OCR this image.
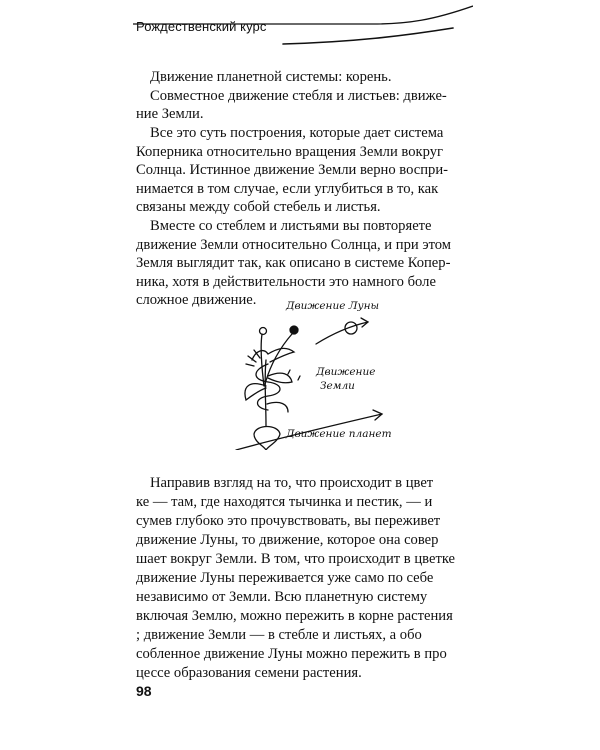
Рождественский курс
Движение планетной системы: корень.
Совместное движение стебля и листьев: движе-
ние Земли.
Все это суть построения, которые дает система
Коперника относительно вращения Земли вокруг
Солнца. Истинное движение Земли верно воспри-
нимается в том случае, если углубиться в то, как
связаны между собой стебель и листья.
Вместе со стеблем и листьями вы повторяете
движение Земли относительно Солнца, и при этом
Земля выглядит так, как описано в системе Копер-
ника, хотя в действительности это намного боле
сложное движение.	Движение Луны
Движение
Земли
Движение планет
Направив взгляд на то, что происходит в цвет
ке — там, где находятся тычинка и пестик, — и
сумев глубоко это прочувствовать, вы переживет
движение Луны, то движение, которое она совер
шает вокруг Земли. В том, что происходит в цветке
движение Луны переживается уже само по себе
независимо от Земли. Всю планетную систему
включая Землю, можно пережить в корне растения
; движение Земли — в стебле и листьях, а обо
собленное движение Луны можно пережить в про
цессе образования семени растения.
98
